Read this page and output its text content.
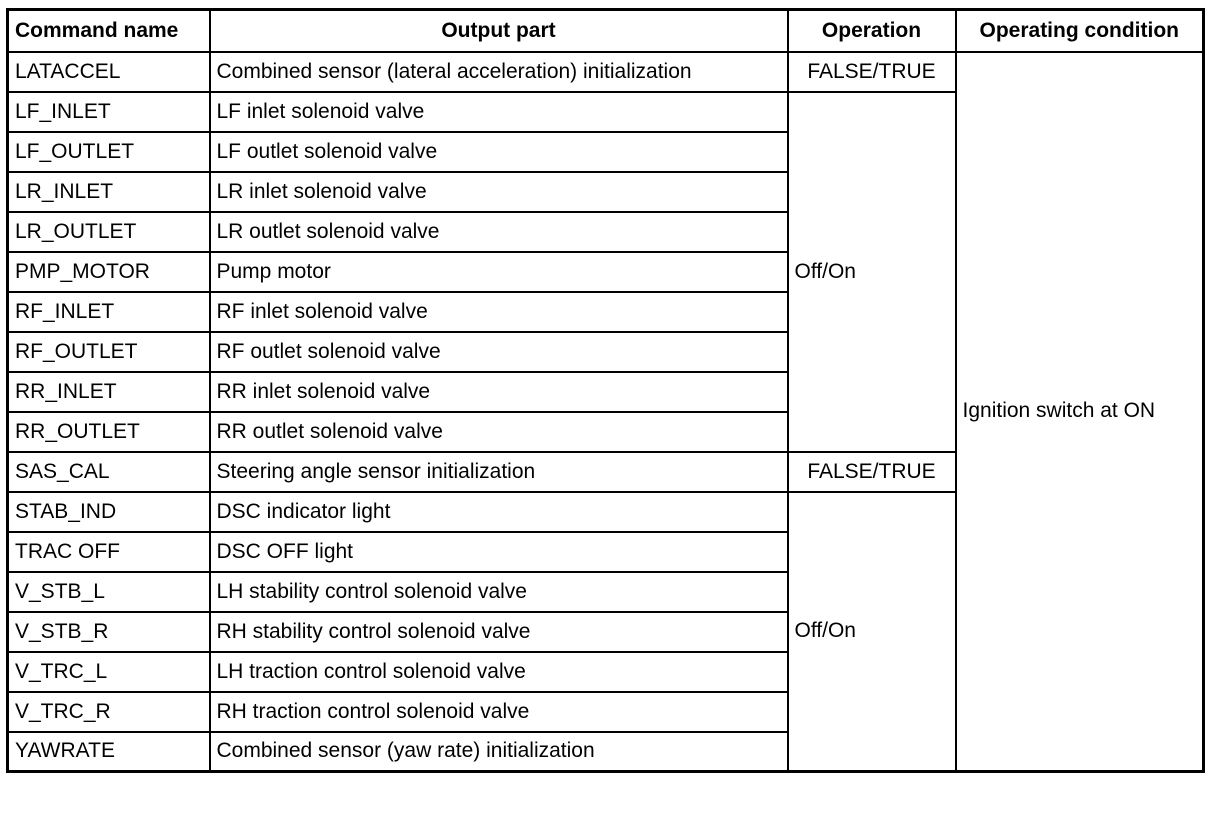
Command name	Output part	Operation	Operating condition
LATACCEL	Combined sensor (lateral acceleration) initialization	FALSE/TRUE	Ignition switch at ON
LF_INLET	LF inlet solenoid valve	Off/On	
LF_OUTLET	LF outlet solenoid valve		
LR_INLET	LR inlet solenoid valve		
LR_OUTLET	LR outlet solenoid valve		
PMP_MOTOR	Pump motor		
RF_INLET	RF inlet solenoid valve		
RF_OUTLET	RF outlet solenoid valve		
RR_INLET	RR inlet solenoid valve		
RR_OUTLET	RR outlet solenoid valve		
SAS_CAL	Steering angle sensor initialization	FALSE/TRUE	
STAB_IND	DSC indicator light	Off/On	
TRAC OFF	DSC OFF light		
V_STB_L	LH stability control solenoid valve		
V_STB_R	RH stability control solenoid valve		
V_TRC_L	LH traction control solenoid valve		
V_TRC_R	RH traction control solenoid valve		
YAWRATE	Combined sensor (yaw rate) initialization		
